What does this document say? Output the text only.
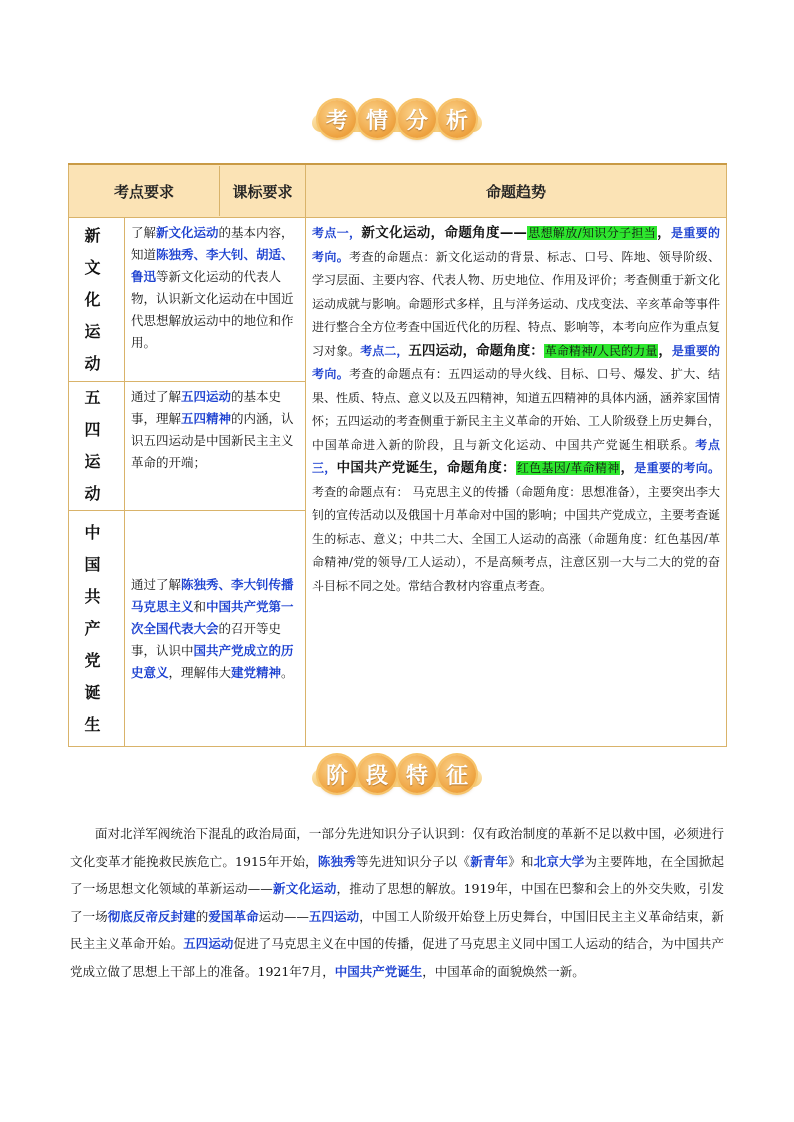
考 情 分 析
考点要求 课标要求		命题趋势
新文化运动	了解新文化运动的基本内容，知道陈独秀、李大钊、胡适、鲁迅等新文化运动的代表人物，认识新文化运动在中国近代思想解放运动中的地位和作用。	考点一，新文化运动，命题角度——思想解放/知识分子担当，是重要的考向。考查的命题点：新文化运动的背景、标志、口号、阵地、领导阶级、学习层面、主要内容、代表人物、历史地位、作用及评价；考查侧重于新文化运动成就与影响。命题形式多样，且与洋务运动、戊戌变法、辛亥革命等事件进行整合全方位考查中国近代化的历程、特点、影响等，本考向应作为重点复习对象。考点二，五四运动，命题角度：革命精神/人民的力量，是重要的考向。考查的命题点有：五四运动的导火线、目标、口号、爆发、扩大、结果、性质、特点、意义以及五四精神，知道五四精神的具体内涵，涵养家国情怀；五四运动的考查侧重于新民主主义革命的开始、工人阶级登上历史舞台，中国革命进入新的阶段，且与新文化运动、中国共产党诞生相联系。考点三，中国共产党诞生，命题角度：红色基因/革命精神，是重要的考向。考查的命题点有： 马克思主义的传播（命题角度：思想准备），主要突出李大钊的宣传活动以及俄国十月革命对中国的影响；中国共产党成立，主要考查诞生的标志、意义；中共二大、全国工人运动的高涨（命题角度：红色基因/革命精神/党的领导/工人运动），不是高频考点，注意区别一大与二大的党的奋斗目标不同之处。常结合教材内容重点考查。
五四运动	通过了解五四运动的基本史事，理解五四精神的内涵，认识五四运动是中国新民主主义革命的开端；	
中国共产党诞生	通过了解陈独秀、李大钊传播马克思主义和中国共产党第一次全国代表大会的召开等史事，认识中国共产党成立的历史意义，理解伟大建党精神。	
阶 段 特 征
面对北洋军阀统治下混乱的政治局面，一部分先进知识分子认识到：仅有政治制度的革新不足以救中国，必须进行文化变革才能挽救民族危亡。1915年开始，陈独秀等先进知识分子以《新青年》和北京大学为主要阵地，在全国掀起了一场思想文化领域的革新运动——新文化运动，推动了思想的解放。1919年，中国在巴黎和会上的外交失败，引发了一场彻底反帝反封建的爱国革命运动——五四运动，中国工人阶级开始登上历史舞台，中国旧民主主义革命结束，新民主主义革命开始。五四运动促进了马克思主义在中国的传播，促进了马克思主义同中国工人运动的结合，为中国共产党成立做了思想上干部上的准备。1921年7月，中国共产党诞生，中国革命的面貌焕然一新。
